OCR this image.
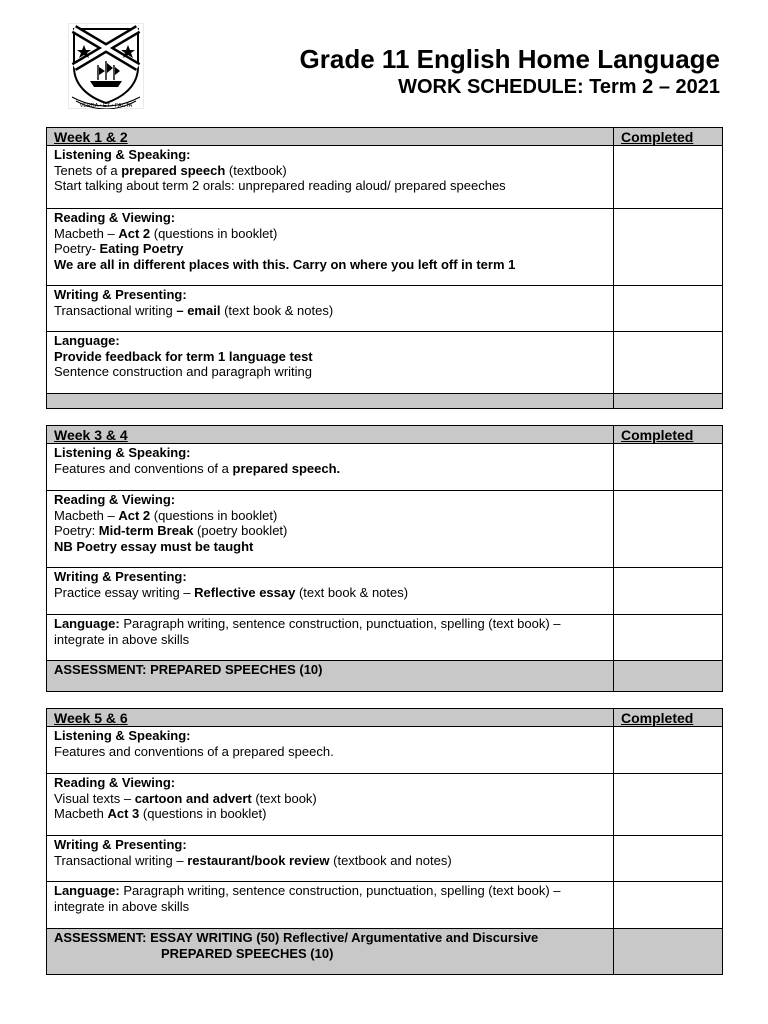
VERBA • ET • FACTA
Grade 11 English Home Language
WORK SCHEDULE: Term 2 – 2021
Week 1 & 2	Completed

Listening & Speaking:
Tenets of a prepared speech (textbook)
Start talking about term 2 orals: unprepared reading aloud/ prepared speeches	

Reading & Viewing:
Macbeth – Act 2 (questions in booklet)
Poetry- Eating Poetry
We are all in different places with this. Carry on where you left off in term 1	

Writing & Presenting:
Transactional writing – email (text book & notes)	

Language:
Provide feedback for term 1 language test
Sentence construction and paragraph writing	

Week 3 & 4	Completed

Listening & Speaking:
Features and conventions of a prepared speech.	

Reading & Viewing:
Macbeth – Act 2 (questions in booklet)
Poetry: Mid-term Break (poetry booklet)
NB Poetry essay must be taught	

Writing & Presenting:
Practice essay writing – Reflective essay (text book & notes)	

Language: Paragraph writing, sentence construction, punctuation, spelling (text book) – integrate in above skills	

ASSESSMENT: PREPARED SPEECHES (10)	
Week 5 & 6	Completed

Listening & Speaking:
Features and conventions of a prepared speech.	

Reading & Viewing:
Visual texts – cartoon and advert (text book)
Macbeth Act 3 (questions in booklet)	

Writing & Presenting:
Transactional writing – restaurant/book review (textbook and notes)	

Language: Paragraph writing, sentence construction, punctuation, spelling (text book) – integrate in above skills	

ASSESSMENT: ESSAY WRITING (50) Reflective/ Argumentative and Discursive
PREPARED SPEECHES (10)	
